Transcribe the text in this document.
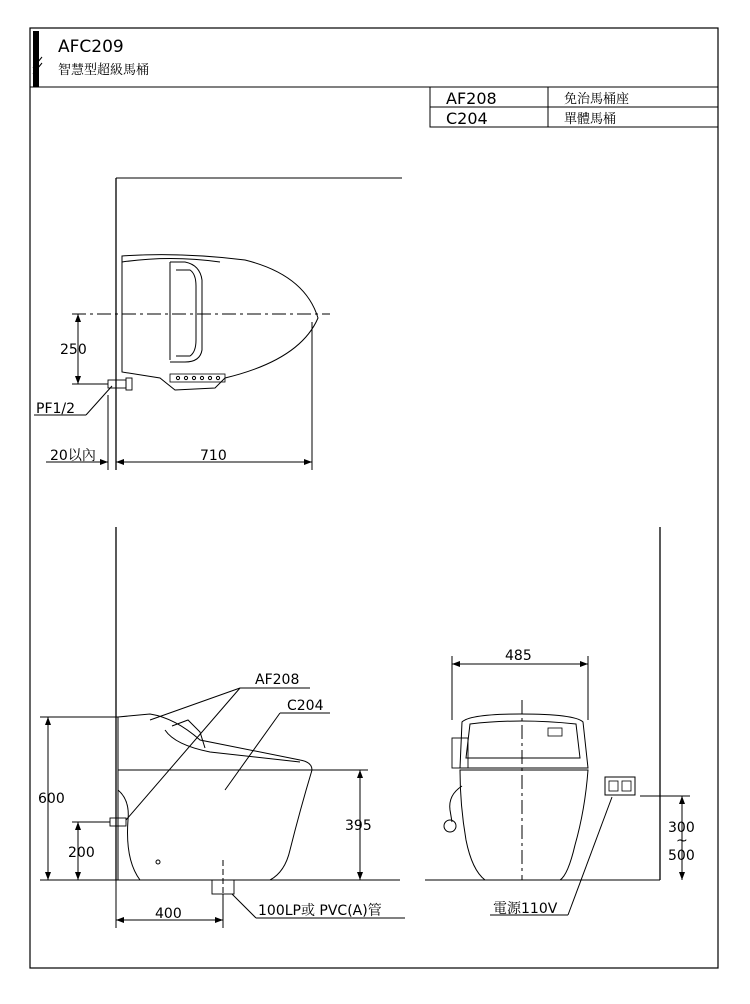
AFC209
智慧型超級馬桶
AF208	免治馬桶座
C204	單體馬桶
250
PF1/2
20以內	710
AF208
C204
600
200
395
400	100LP或 PVC(A)管
485
300
~
500
電源110V
